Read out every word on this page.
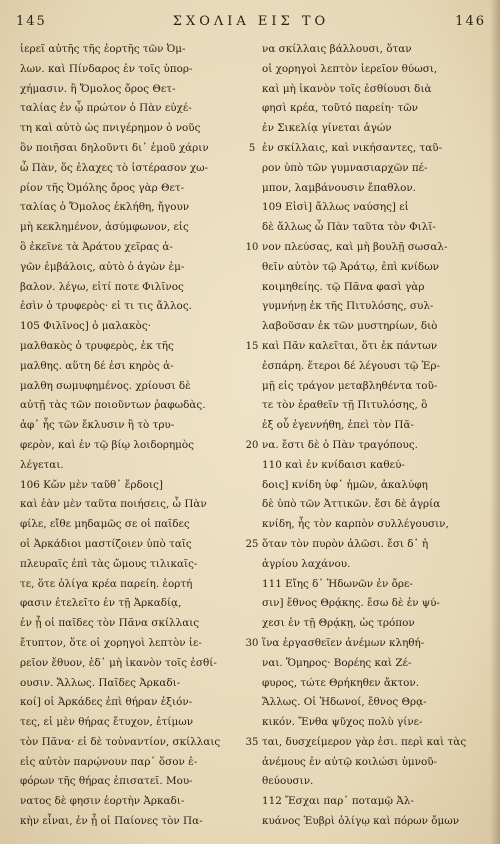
145	ΣΧΟΛΙΑ ΕΙΣ ΤΟ	146
ἱερεῖ αὐτῆς τῆς ἑορτῆς τῶν Ὀμ-
λων. καὶ Πίνδαρος ἐν τοῖς ὑπορ-
χήμασιν. ἢ Ὄμολος ὄρος Θετ-
ταλίας ἐν ᾧ πρώτον ὁ Πὰν εὐχέ-
τη καὶ αὐτὸ ὡς πνιγέρημον ὁ νοῦς
ὂν ποιῆσαι δηλοῦντι δι᾽ ἐμοῦ χάριν
ὦ Πὰν, ὅς ἐλαχες τὸ ἱστέρασον χω-
ρίον τῆς Ὀμόλης ὄρος γὰρ Θετ-
ταλίας ὁ Ὄμολος ἐκλήθη, ἤγουν
μὴ κεκλημένον, ἀσύμφωνον, εἰς
ὃ ἐκεῖνε τὰ Ἀράτου χεῖρας ἀ-
γῶν ἐμβάλοις, αὐτὸ ὁ ἀγὼν ἐμ-
βαλον. λέγω, εἰτί ποτε Φιλῖνος
ἐσὶν ὁ τρυφερὸς· εἰ τι τις ἄλλος.
105 Φιλῖνος] ὁ μαλακὸς·
μαλθακὸς ὁ τρυφερὸς, ἐκ τῆς
μαλθης. αὕτη δέ ἐσι κηρὸς ἀ-
μαλθη σωμυφημένος. χρίουσι δὲ
αὐτῇ τὰς τῶν ποιοῦντων ῥαφωδὰς.
ἀφ᾽ ἧς τῶν ἔκλυσιν ἢ τὸ τρυ-
φερὸν, καὶ ἐν τῷ βίῳ λοιδορημὸς
λέγεται.
106 Κὤν μὲν ταῦθ᾽ ἔρδοις]
καὶ ἐὰν μὲν ταῦτα ποιήσεις, ὦ Πὰν
φίλε, εἴθε μηδαμῶς σε οἱ παῖδες
οἱ Ἀρκάδιοι μαστίζοιεν ὑπὸ ταῖς
πλευραῖς ἐπὶ τὰς ὤμους τιλικαῖς-
τε, ὅτε ὀλίγα κρέα παρείη. ἑορτή
φασιν ἐτελεῖτο ἐν τῇ Ἀρκαδίᾳ,
ἐν ᾗ οἱ παῖδες τὸν Πᾶνα σκίλλαις
ἔτυπτον, ὅτε οἱ χορηγοὶ λεπτὸν ἱε-
ρεῖον ἔθυον, ἐδ᾽ μὴ ἱκανὸν τοῖς ἐσθί-
ουσιν. Ἄλλως. Παῖδες Ἀρκαδι-
κοί] οἱ Ἀρκάδες ἐπὶ θήραν ἐξιόν-
τες, εἰ μὲν θήρας ἔτυχον, ἐτίμων
τὸν Πᾶνα· εἰ δὲ τοὐναντίον, σκίλλαις
εἰς αὐτὸν παρῴνουν παρ᾽ ὅσον ἐ-
φόρων τῆς θήρας ἐπισατεῖ. Μου-
νατος δὲ φησιν ἑορτὴν Ἀρκαδι-
κὴν εἶναι, ἐν ᾗ οἱ Παίονες τὸν Πα-
5
10
15
20
25
30
35
να σκίλλαις βάλλουσι, ὅταν
οἱ χορηγοὶ λεπτὸν ἱερεῖον θύωσι,
καὶ μὴ ἱκανὸν τοῖς ἐσθίουσι διὰ
φησὶ κρέα, τοῦτό παρείη· τῶν
ἐν Σικελίᾳ γίνεται ἀγών
ἐν σκίλλαις, καὶ νικήσαντες, ταῦ-
ρον ὑπὸ τῶν γυμνασιαρχῶν πέ-
μπον, λαμβάνουσιν ἔπαθλον.
109 Εἰσὶ] ἄλλως ναύσης] εἰ
δὲ ἄλλως ὦ Πὰν ταῦτα τὸν Φιλῖ-
νον πλεύσας, καὶ μὴ βουλῇ σωσαλ-
θεῖν αὐτὸν τῷ Ἀράτῳ, ἐπὶ κνίδων
κοιμηθείης. τῷ Πᾶνα φασὶ γὰρ
γυμνήνῃ ἐκ τῆς Πιτυλόσης, συλ-
λαβοῦσαν ἐκ τῶν μυστηρίων, διὸ
καὶ Πᾶν καλεῖται, ὅτι ἐκ πάντων
ἐσπάρη. ἕτεροι δέ λέγουσι τῷ Ἑρ-
μῇ εἰς τράγον μεταβληθέντα τοῦ-
τε τὸν ἐραθεῖν τῇ Πιτυλόσης, ὃ
ἐξ οὗ ἐγεννήθη, ἐπεὶ τὸν Πᾶ-
να. ἔστι δὲ ὁ Πὰν τραγόπους.
110 καὶ ἐν κνίδαισι καθεύ-
δοις] κνίδη ὑφ᾽ ἡμῶν, ἀκαλύφη
δὲ ὑπὸ τῶν Ἀττικῶν. ἔσι δὲ ἀγρία
κνίδη, ἧς τὸν καρπὸν συλλέγουσιν,
ὅταν τὸν πυρὸν ἀλῶσι. ἔσι δ᾽ ἡ
ἀγρίου λαχάνου.
111 Εἴης δ᾽ Ἠδωνῶν ἐν ὄρε-
σιν] ἔθνος Θρᾴκης. ἔσω δὲ ἐν ψύ-
χεσι ἐν τῇ Θρᾴκῃ, ὡς τρόπον
ἵνα ἐργασθεῖεν ἀνέμων κληθή-
ναι. Ὅμηρος· Βορέης καὶ Ζέ-
φυρος, τώτε Θρήκηθεν ἄκτον.
Ἄλλως. Οἱ Ἠδωνοί, ἔθνος Θρᾳ-
κικόν. Ἔνθα ψῦχος πολὺ γίνε-
ται, δυσχείμερον γὰρ ἐσι. περὶ καὶ τὰς
ἀνέμους ἐν αὐτῷ κοιλώσι ὑμνοῦ-
θεύουσιν.
112 Ἔσχαι παρ᾽ ποταμῷ Ἀλ-
κυάνος Ἐυβρὶ ὀλίγῳ καὶ πόρων ὄμων
